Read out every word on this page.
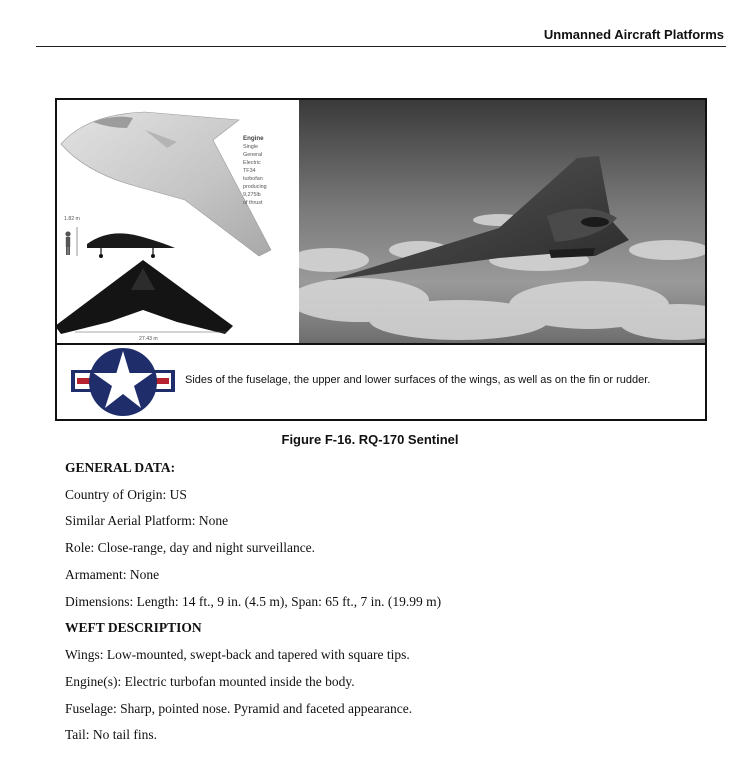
Unmanned Aircraft Platforms
1.82 m
27.43 m
Engine
Single
General
Electric
TF34
turbofan
producing
9,275lb
of thrust
Sides of the fuselage, the upper and lower surfaces of the wings, as well as on the fin or rudder.
Figure F-16. RQ-170 Sentinel
GENERAL DATA:
Country of Origin: US
Similar Aerial Platform: None
Role: Close-range, day and night surveillance.
Armament: None
Dimensions: Length: 14 ft., 9 in. (4.5 m), Span: 65 ft., 7 in. (19.99 m)
WEFT DESCRIPTION
Wings: Low-mounted, swept-back and tapered with square tips.
Engine(s): Electric turbofan mounted inside the body.
Fuselage: Sharp, pointed nose. Pyramid and faceted appearance.
Tail: No tail fins.
